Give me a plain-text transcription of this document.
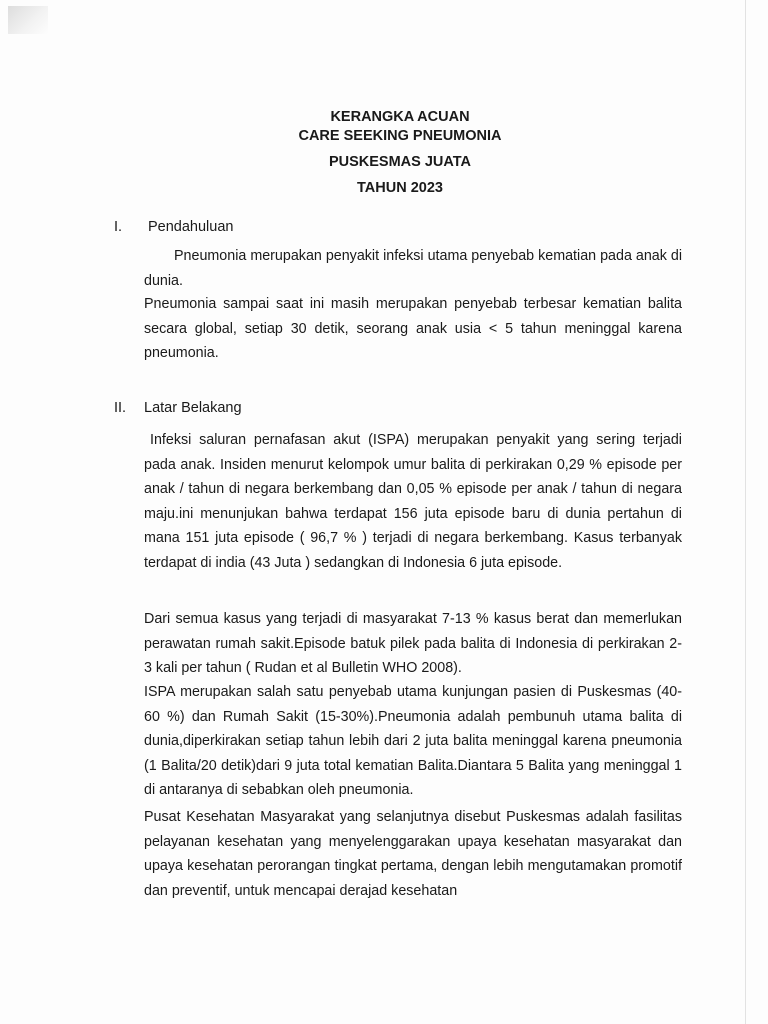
KERANGKA ACUAN
CARE SEEKING PNEUMONIA
PUSKESMAS JUATA
TAHUN 2023
I. Pendahuluan
Pneumonia merupakan penyakit infeksi utama penyebab kematian pada anak di dunia.
Pneumonia sampai saat ini masih merupakan penyebab terbesar kematian balita secara global, setiap 30 detik, seorang anak usia < 5 tahun meninggal karena pneumonia.
II. Latar Belakang
Infeksi saluran pernafasan akut (ISPA) merupakan penyakit yang sering terjadi pada anak. Insiden menurut kelompok umur balita di perkirakan 0,29 % episode per anak / tahun di negara berkembang dan 0,05 % episode per anak / tahun di negara maju.ini menunjukan bahwa terdapat 156 juta episode baru di dunia pertahun di mana 151 juta episode ( 96,7 % ) terjadi di negara berkembang. Kasus terbanyak terdapat di india (43 Juta ) sedangkan di Indonesia 6 juta episode.
Dari semua kasus yang terjadi di masyarakat 7-13 % kasus berat dan memerlukan perawatan rumah sakit.Episode batuk pilek pada balita di Indonesia di perkirakan 2-3 kali per tahun ( Rudan et al Bulletin WHO 2008).
ISPA merupakan salah satu penyebab utama kunjungan pasien di Puskesmas (40-60 %) dan Rumah Sakit (15-30%).Pneumonia adalah pembunuh utama balita di dunia,diperkirakan setiap tahun lebih dari 2 juta balita meninggal karena pneumonia (1 Balita/20 detik)dari 9 juta total kematian Balita.Diantara 5 Balita yang meninggal 1 di antaranya di sebabkan oleh pneumonia.
Pusat Kesehatan Masyarakat yang selanjutnya disebut Puskesmas adalah fasilitas pelayanan kesehatan yang menyelenggarakan upaya kesehatan masyarakat dan upaya kesehatan perorangan tingkat pertama, dengan lebih mengutamakan promotif dan preventif, untuk mencapai derajad kesehatan
